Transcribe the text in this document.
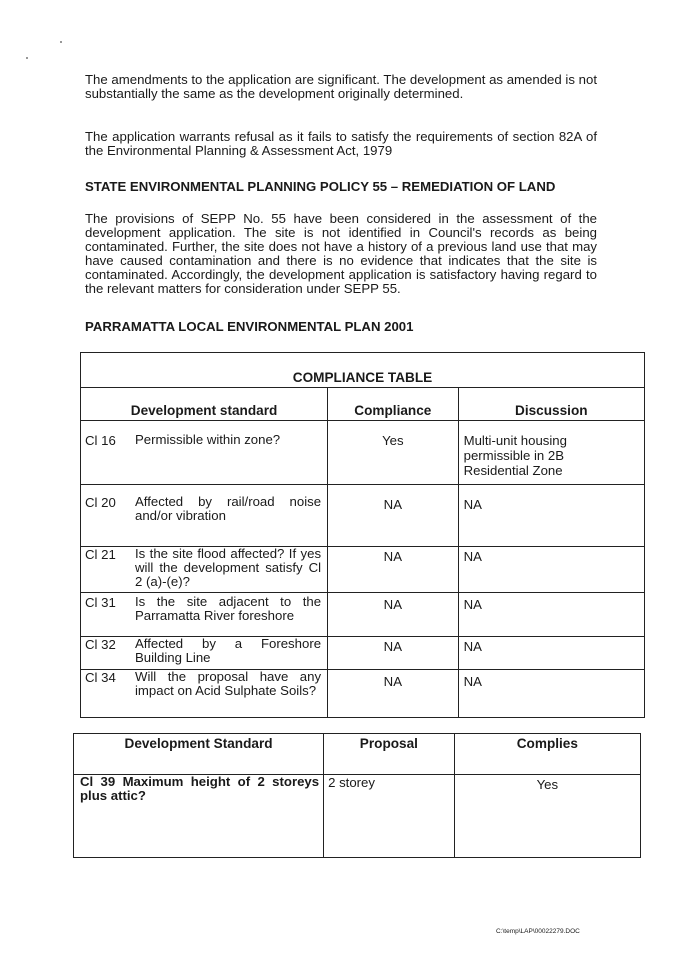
The amendments to the application are significant. The development as amended is not substantially the same as the development originally determined.

The application warrants refusal as it fails to satisfy the requirements of section 82A of the Environmental Planning & Assessment Act, 1979

STATE ENVIRONMENTAL PLANNING POLICY 55 – REMEDIATION OF LAND

The provisions of SEPP No. 55 have been considered in the assessment of the development application. The site is not identified in Council's records as being contaminated. Further, the site does not have a history of a previous land use that may have caused contamination and there is no evidence that indicates that the site is contaminated. Accordingly, the development application is satisfactory having regard to the relevant matters for consideration under SEPP 55.

PARRAMATTA LOCAL ENVIRONMENTAL PLAN 2001
COMPLIANCE TABLE		
Development standard	Compliance	Discussion

Cl 16 Permissible within zone?	Yes	Multi-unit housing permissible in 2B Residential Zone

Cl 20 Affected by rail/road noise and/or vibration	NA	NA

Cl 21 Is the site flood affected? If yes will the development satisfy Cl 2 (a)-(e)?	NA	NA

Cl 31 Is the site adjacent to the Parramatta River foreshore	NA	NA

Cl 32 Affected by a Foreshore Building Line	NA	NA

Cl 34 Will the proposal have any impact on Acid Sulphate Soils?	NA	NA
Development Standard	Proposal	Complies

Cl 39 Maximum height of 2 storeys plus attic?	2 storey	Yes
C:\temp\LAP\00022279.DOC
